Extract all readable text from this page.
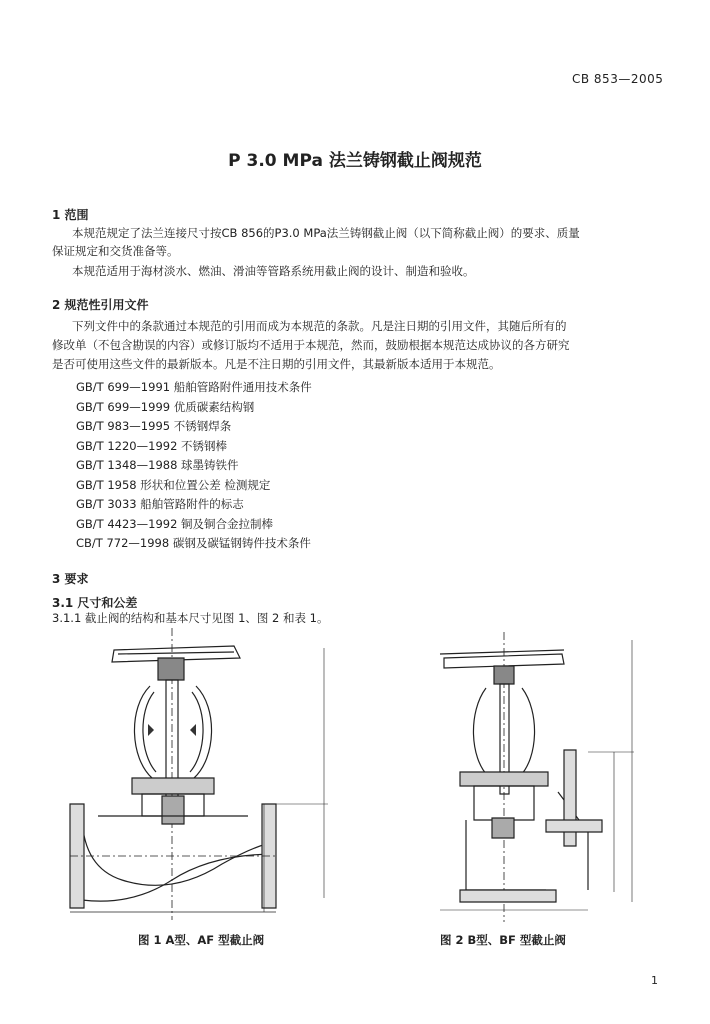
CB 853—2005
P 3.0 MPa 法兰铸钢截止阀规范
1 范围
本规范规定了法兰连接尺寸按CB 856的P3.0 MPa法兰铸钢截止阀（以下简称截止阀）的要求、质量
保证规定和交货准备等。
本规范适用于海材淡水、燃油、滑油等管路系统用截止阀的设计、制造和验收。
2 规范性引用文件
下列文件中的条款通过本规范的引用而成为本规范的条款。凡是注日期的引用文件，其随后所有的
修改单（不包含勘误的内容）或修订版均不适用于本规范，然而，鼓励根据本规范达成协议的各方研究
是否可使用这些文件的最新版本。凡是不注日期的引用文件，其最新版本适用于本规范。
GB/T 699—1991 船舶管路附件通用技术条件
GB/T 699—1999 优质碳素结构钢
GB/T 983—1995 不锈钢焊条
GB/T 1220—1992 不锈钢棒
GB/T 1348—1988 球墨铸铁件
GB/T 1958 形状和位置公差 检测规定
GB/T 3033 船舶管路附件的标志
GB/T 4423—1992 铜及铜合金拉制棒
CB/T 772—1998 碳钢及碳锰钢铸件技术条件
3 要求
3.1 尺寸和公差
3.1.1 截止阀的结构和基本尺寸见图 1、图 2 和表 1。
图 1 A型、AF 型截止阀	图 2 B型、BF 型截止阀
1
